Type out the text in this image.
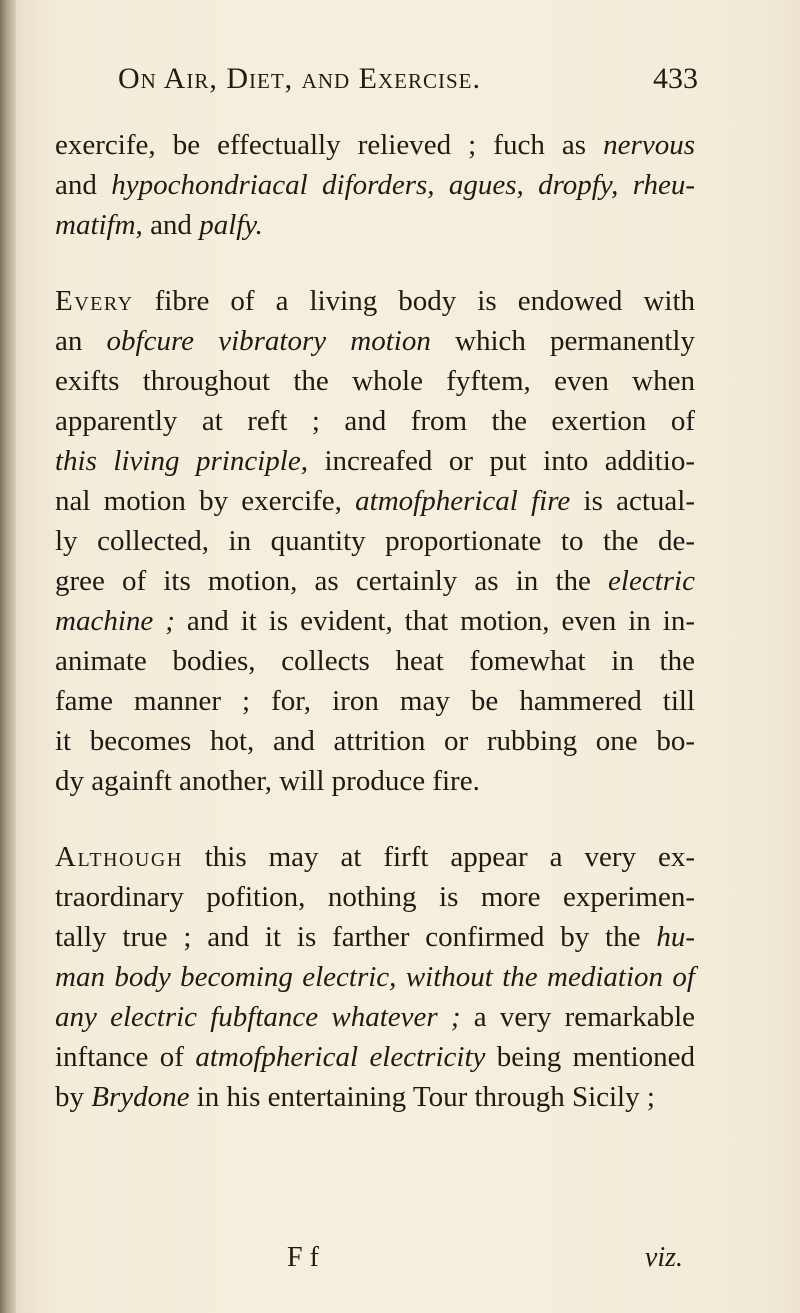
On Air, Diet, and Exercise.	433
exercife, be effectually relieved ; fuch as nervous
and hypochondriacal diforders, agues, dropfy, rheu-
matifm, and palfy.
Every fibre of a living body is endowed with
an obfcure vibratory motion which permanently
exifts throughout the whole fyftem, even when
apparently at reft ; and from the exertion of
this living principle, increafed or put into additio-
nal motion by exercife, atmofpherical fire is actual-
ly collected, in quantity proportionate to the de-
gree of its motion, as certainly as in the electric
machine ; and it is evident, that motion, even in in-
animate bodies, collects heat fomewhat in the
fame manner ; for, iron may be hammered till
it becomes hot, and attrition or rubbing one bo-
dy againft another, will produce fire.
Although this may at firft appear a very ex-
traordinary pofition, nothing is more experimen-
tally true ; and it is farther confirmed by the hu-
man body becoming electric, without the mediation of
any electric fubftance whatever ; a very remarkable
inftance of atmofpherical electricity being mentioned
by Brydone in his entertaining Tour through Sicily ;
F f	viz.
